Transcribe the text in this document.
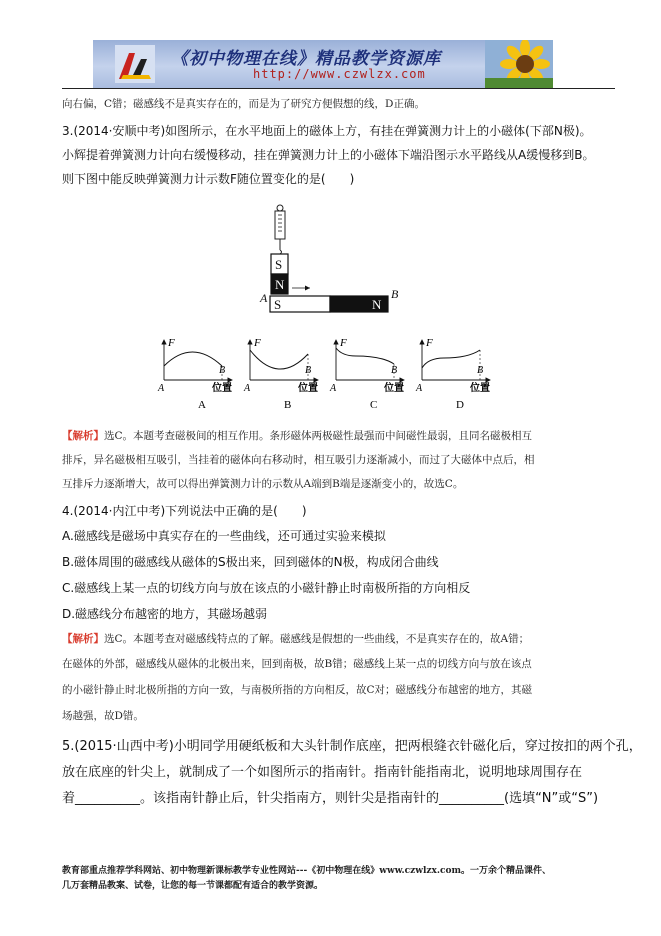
《初中物理在线》精品教学资源库
http://www.czwlzx.com
向右偏，C错；磁感线不是真实存在的，而是为了研究方便假想的线，D正确。
3.(2014·安顺中考)如图所示，在水平地面上的磁体上方，有挂在弹簧测力计上的小磁体(下部N极)。
小辉提着弹簧测力计向右缓慢移动，挂在弹簧测力计上的小磁体下端沿图示水平路线从A缓慢移到B。
则下图中能反映弹簧测力计示数F随位置变化的是(　　)
S
N
S	N
A	B
F
A
B
位置
A
F
A
B
位置
B
F
A
B
位置
C
F
A
B
位置
D
【解析】选C。本题考查磁极间的相互作用。条形磁体两极磁性最强而中间磁性最弱，且同名磁极相互
排斥，异名磁极相互吸引，当挂着的磁体向右移动时，相互吸引力逐渐减小，而过了大磁体中点后，相
互排斥力逐渐增大，故可以得出弹簧测力计的示数从A端到B端是逐渐变小的，故选C。
4.(2014·内江中考)下列说法中正确的是(　　)
A.磁感线是磁场中真实存在的一些曲线，还可通过实验来模拟
B.磁体周围的磁感线从磁体的S极出来，回到磁体的N极，构成闭合曲线
C.磁感线上某一点的切线方向与放在该点的小磁针静止时南极所指的方向相反
D.磁感线分布越密的地方，其磁场越弱
【解析】选C。本题考查对磁感线特点的了解。磁感线是假想的一些曲线，不是真实存在的，故A错；
在磁体的外部，磁感线从磁体的北极出来，回到南极，故B错；磁感线上某一点的切线方向与放在该点
的小磁针静止时北极所指的方向一致，与南极所指的方向相反，故C对；磁感线分布越密的地方，其磁
场越强，故D错。
5.(2015·山西中考)小明同学用硬纸板和大头针制作底座，把两根缝衣针磁化后，穿过按扣的两个孔，
放在底座的针尖上，就制成了一个如图所示的指南针。指南针能指南北，说明地球周围存在
着__________。该指南针静止后，针尖指南方，则针尖是指南针的__________(选填“N”或“S”)
教育部重点推荐学科网站、初中物理新课标教学专业性网站---《初中物理在线》www.czwlzx.com。一万余个精品课件、
几万套精品教案、试卷，让您的每一节课都配有适合的教学资源。
